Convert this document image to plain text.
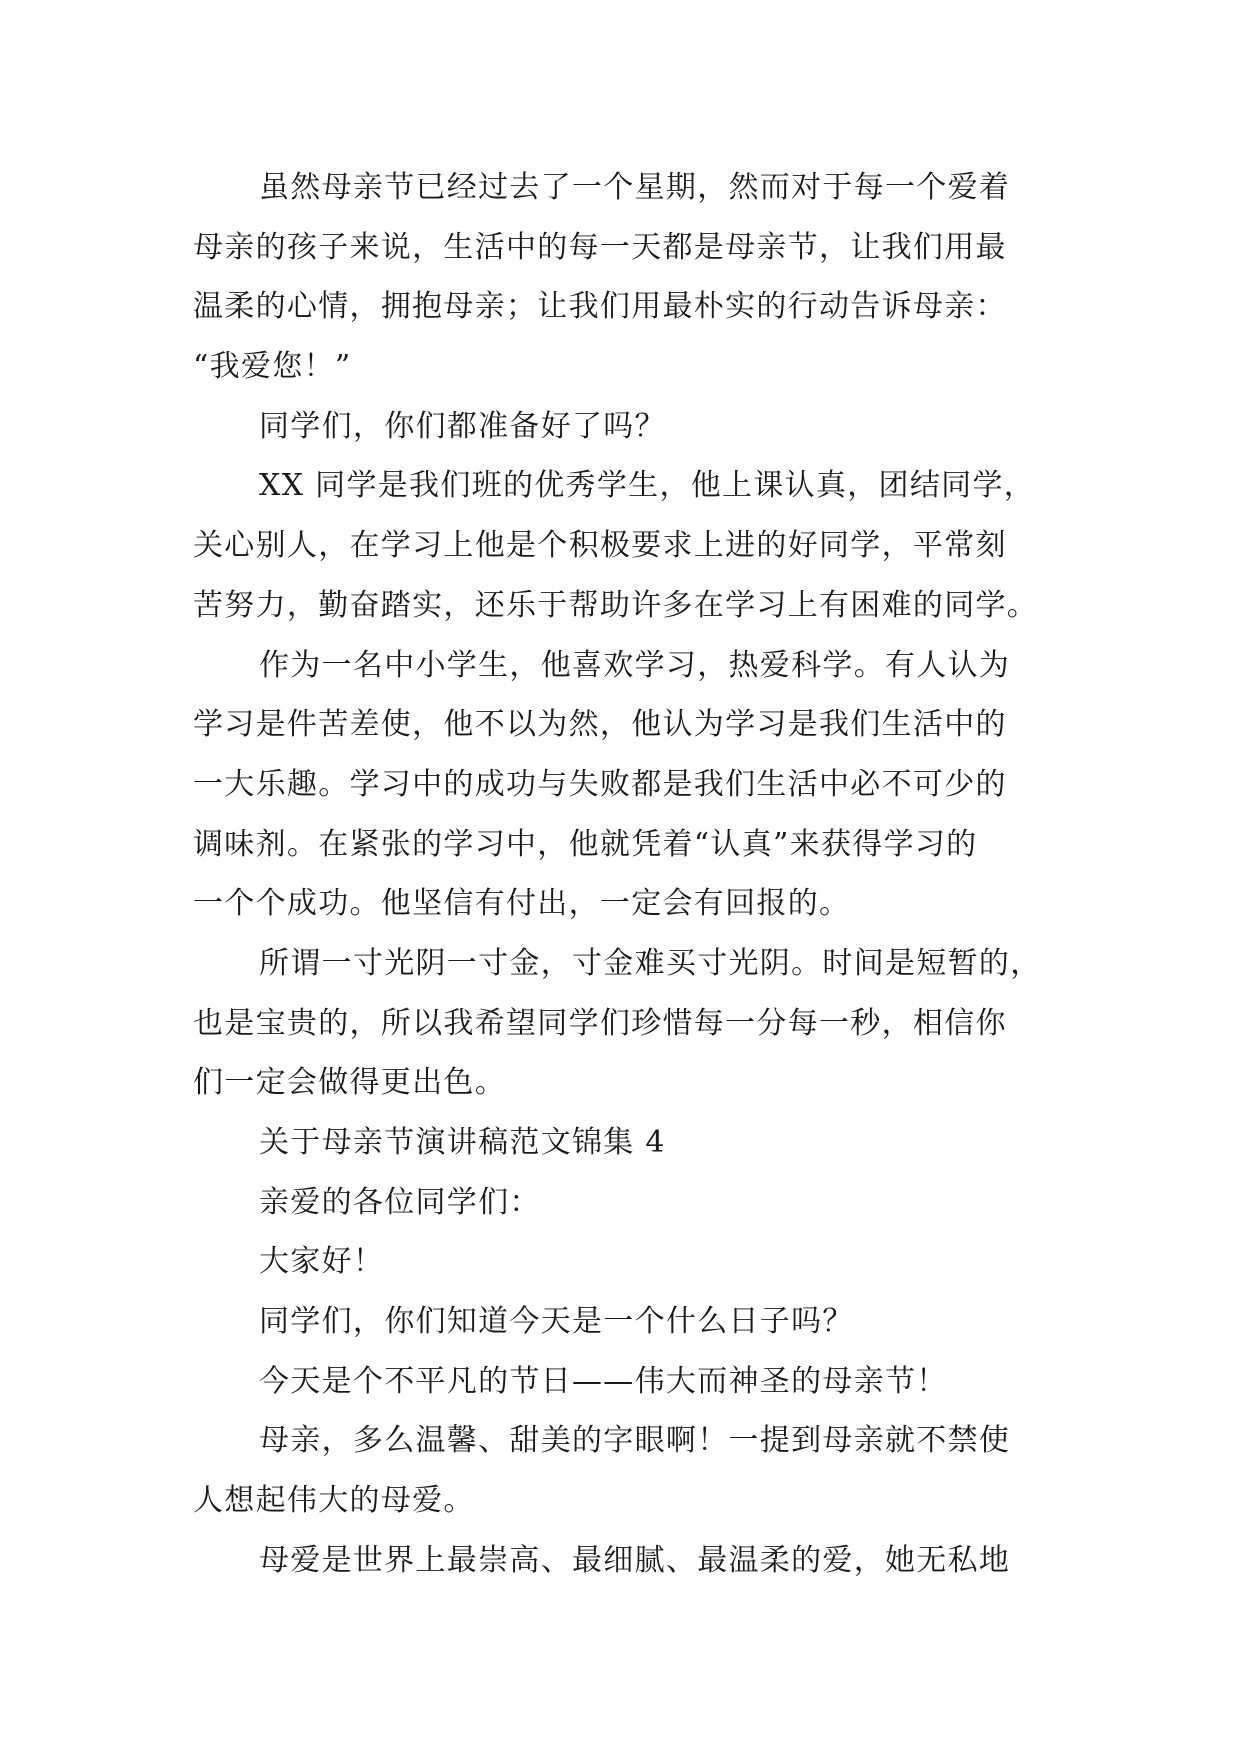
虽然母亲节已经过去了一个星期，然而对于每一个爱着
母亲的孩子来说，生活中的每一天都是母亲节，让我们用最
温柔的心情，拥抱母亲；让我们用最朴实的行动告诉母亲：
“我爱您！”
同学们，你们都准备好了吗？
XX 同学是我们班的优秀学生，他上课认真，团结同学，
关心别人，在学习上他是个积极要求上进的好同学，平常刻
苦努力，勤奋踏实，还乐于帮助许多在学习上有困难的同学。
作为一名中小学生，他喜欢学习，热爱科学。有人认为
学习是件苦差使，他不以为然，他认为学习是我们生活中的
一大乐趣。学习中的成功与失败都是我们生活中必不可少的
调味剂。在紧张的学习中，他就凭着“认真”来获得学习的
一个个成功。他坚信有付出，一定会有回报的。
所谓一寸光阴一寸金，寸金难买寸光阴。时间是短暂的，
也是宝贵的，所以我希望同学们珍惜每一分每一秒，相信你
们一定会做得更出色。
关于母亲节演讲稿范文锦集 4
亲爱的各位同学们：
大家好！
同学们，你们知道今天是一个什么日子吗？
今天是个不平凡的节日——伟大而神圣的母亲节！
母亲，多么温馨、甜美的字眼啊！一提到母亲就不禁使
人想起伟大的母爱。
母爱是世界上最崇高、最细腻、最温柔的爱，她无私地
